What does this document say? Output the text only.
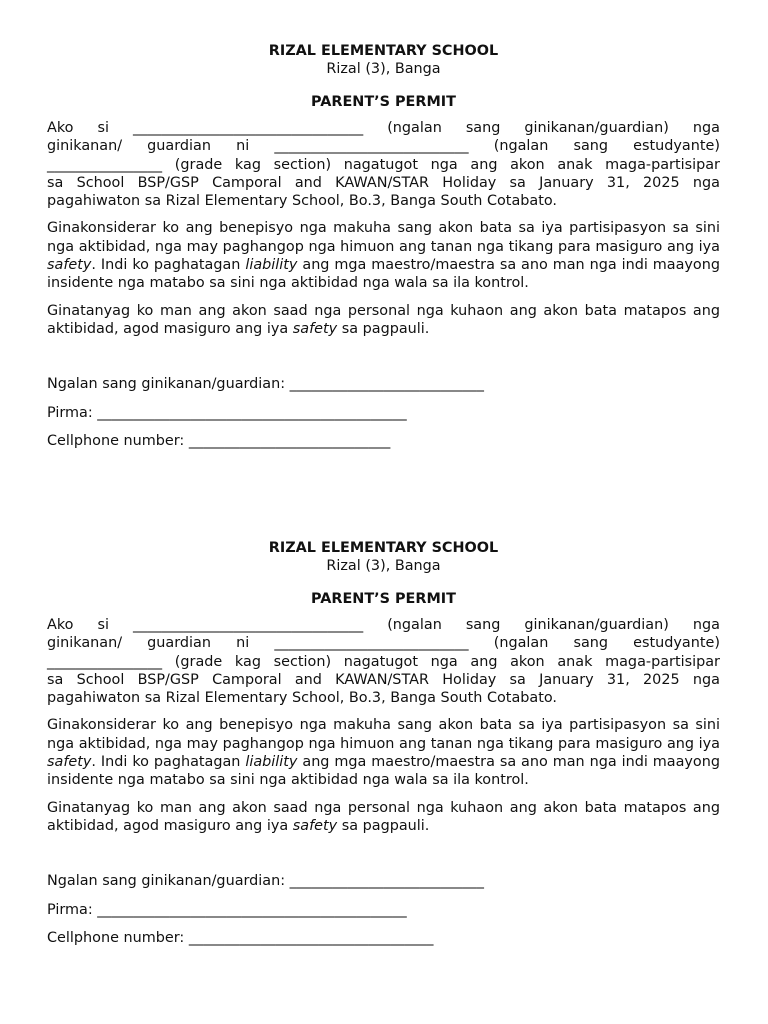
RIZAL ELEMENTARY SCHOOL
Rizal (3), Banga
PARENT’S PERMIT
Ako si ________________________________ (ngalan sang ginikanan/guardian) nga
ginikanan/ guardian ni ___________________________ (ngalan sang estudyante)
________________ (grade kag section) nagatugot nga ang akon anak maga-partisipar
sa School BSP/GSP Camporal and KAWAN/STAR Holiday sa January 31, 2025 nga
pagahiwaton sa Rizal Elementary School, Bo.3, Banga South Cotabato.
Ginakonsiderar ko ang benepisyo nga makuha sang akon bata sa iya partisipasyon sa sini nga aktibidad, nga may paghangop nga himuon ang tanan nga tikang para masiguro ang iya safety. Indi ko paghatagan liability ang mga maestro/maestra sa ano man nga indi maayong insidente nga matabo sa sini nga aktibidad nga wala sa ila kontrol.
Ginatanyag ko man ang akon saad nga personal nga kuhaon ang akon bata matapos ang aktibidad, agod masiguro ang iya safety sa pagpauli.
Ngalan sang ginikanan/guardian: ___________________________
Pirma: ___________________________________________
Cellphone number: ____________________________
RIZAL ELEMENTARY SCHOOL
Rizal (3), Banga
PARENT’S PERMIT
Ako si ________________________________ (ngalan sang ginikanan/guardian) nga
ginikanan/ guardian ni ___________________________ (ngalan sang estudyante)
________________ (grade kag section) nagatugot nga ang akon anak maga-partisipar
sa School BSP/GSP Camporal and KAWAN/STAR Holiday sa January 31, 2025 nga
pagahiwaton sa Rizal Elementary School, Bo.3, Banga South Cotabato.
Ginakonsiderar ko ang benepisyo nga makuha sang akon bata sa iya partisipasyon sa sini nga aktibidad, nga may paghangop nga himuon ang tanan nga tikang para masiguro ang iya safety. Indi ko paghatagan liability ang mga maestro/maestra sa ano man nga indi maayong insidente nga matabo sa sini nga aktibidad nga wala sa ila kontrol.
Ginatanyag ko man ang akon saad nga personal nga kuhaon ang akon bata matapos ang aktibidad, agod masiguro ang iya safety sa pagpauli.
Ngalan sang ginikanan/guardian: ___________________________
Pirma: ___________________________________________
Cellphone number: __________________________________
